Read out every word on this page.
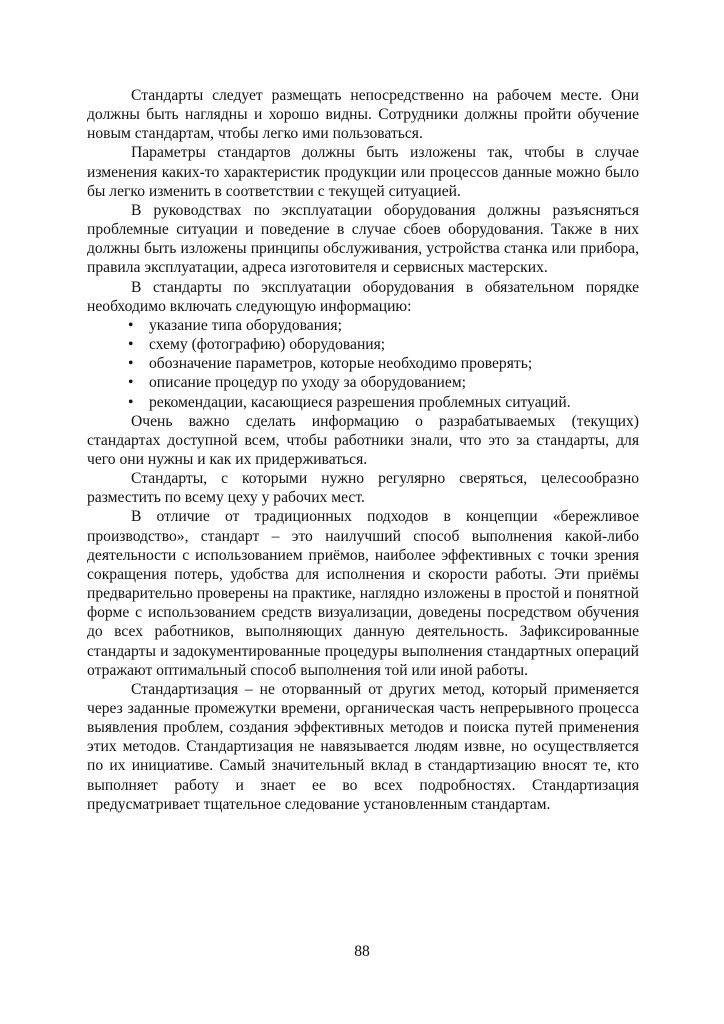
Стандарты следует размещать непосредственно на рабочем месте. Они должны быть наглядны и хорошо видны. Сотрудники должны пройти обучение новым стандартам, чтобы легко ими пользоваться.

Параметры стандартов должны быть изложены так, чтобы в случае изменения каких-то характеристик продукции или процессов данные можно было бы легко изменить в соответствии с текущей ситуацией.

В руководствах по эксплуатации оборудования должны разъясняться проблемные ситуации и поведение в случае сбоев оборудования. Также в них должны быть изложены принципы обслуживания, устройства станка или прибора, правила эксплуатации, адреса изготовителя и сервисных мастерских.

В стандарты по эксплуатации оборудования в обязательном порядке необходимо включать следующую информацию:

• указание типа оборудования;
• схему (фотографию) оборудования;
• обозначение параметров, которые необходимо проверять;
• описание процедур по уходу за оборудованием;
• рекомендации, касающиеся разрешения проблемных ситуаций.

Очень важно сделать информацию о разрабатываемых (текущих) стандартах доступной всем, чтобы работники знали, что это за стандарты, для чего они нужны и как их придерживаться.

Стандарты, с которыми нужно регулярно сверяться, целесообразно разместить по всему цеху у рабочих мест.

В отличие от традиционных подходов в концепции «бережливое производство», стандарт – это наилучший способ выполнения какой-либо деятельности с использованием приёмов, наиболее эффективных с точки зрения сокращения потерь, удобства для исполнения и скорости работы. Эти приёмы предварительно проверены на практике, наглядно изложены в простой и понятной форме с использованием средств визуализации, доведены посредством обучения до всех работников, выполняющих данную деятельность. Зафиксированные стандарты и задокументированные процедуры выполнения стандартных операций отражают оптимальный способ выполнения той или иной работы.

Стандартизация – не оторванный от других метод, который применяется через заданные промежутки времени, органическая часть непрерывного процесса выявления проблем, создания эффективных методов и поиска путей применения этих методов. Стандартизация не навязывается людям извне, но осуществляется по их инициативе. Самый значительный вклад в стандартизацию вносят те, кто выполняет работу и знает ее во всех подробностях. Стандартизация предусматривает тщательное следование установленным стандартам.

88
